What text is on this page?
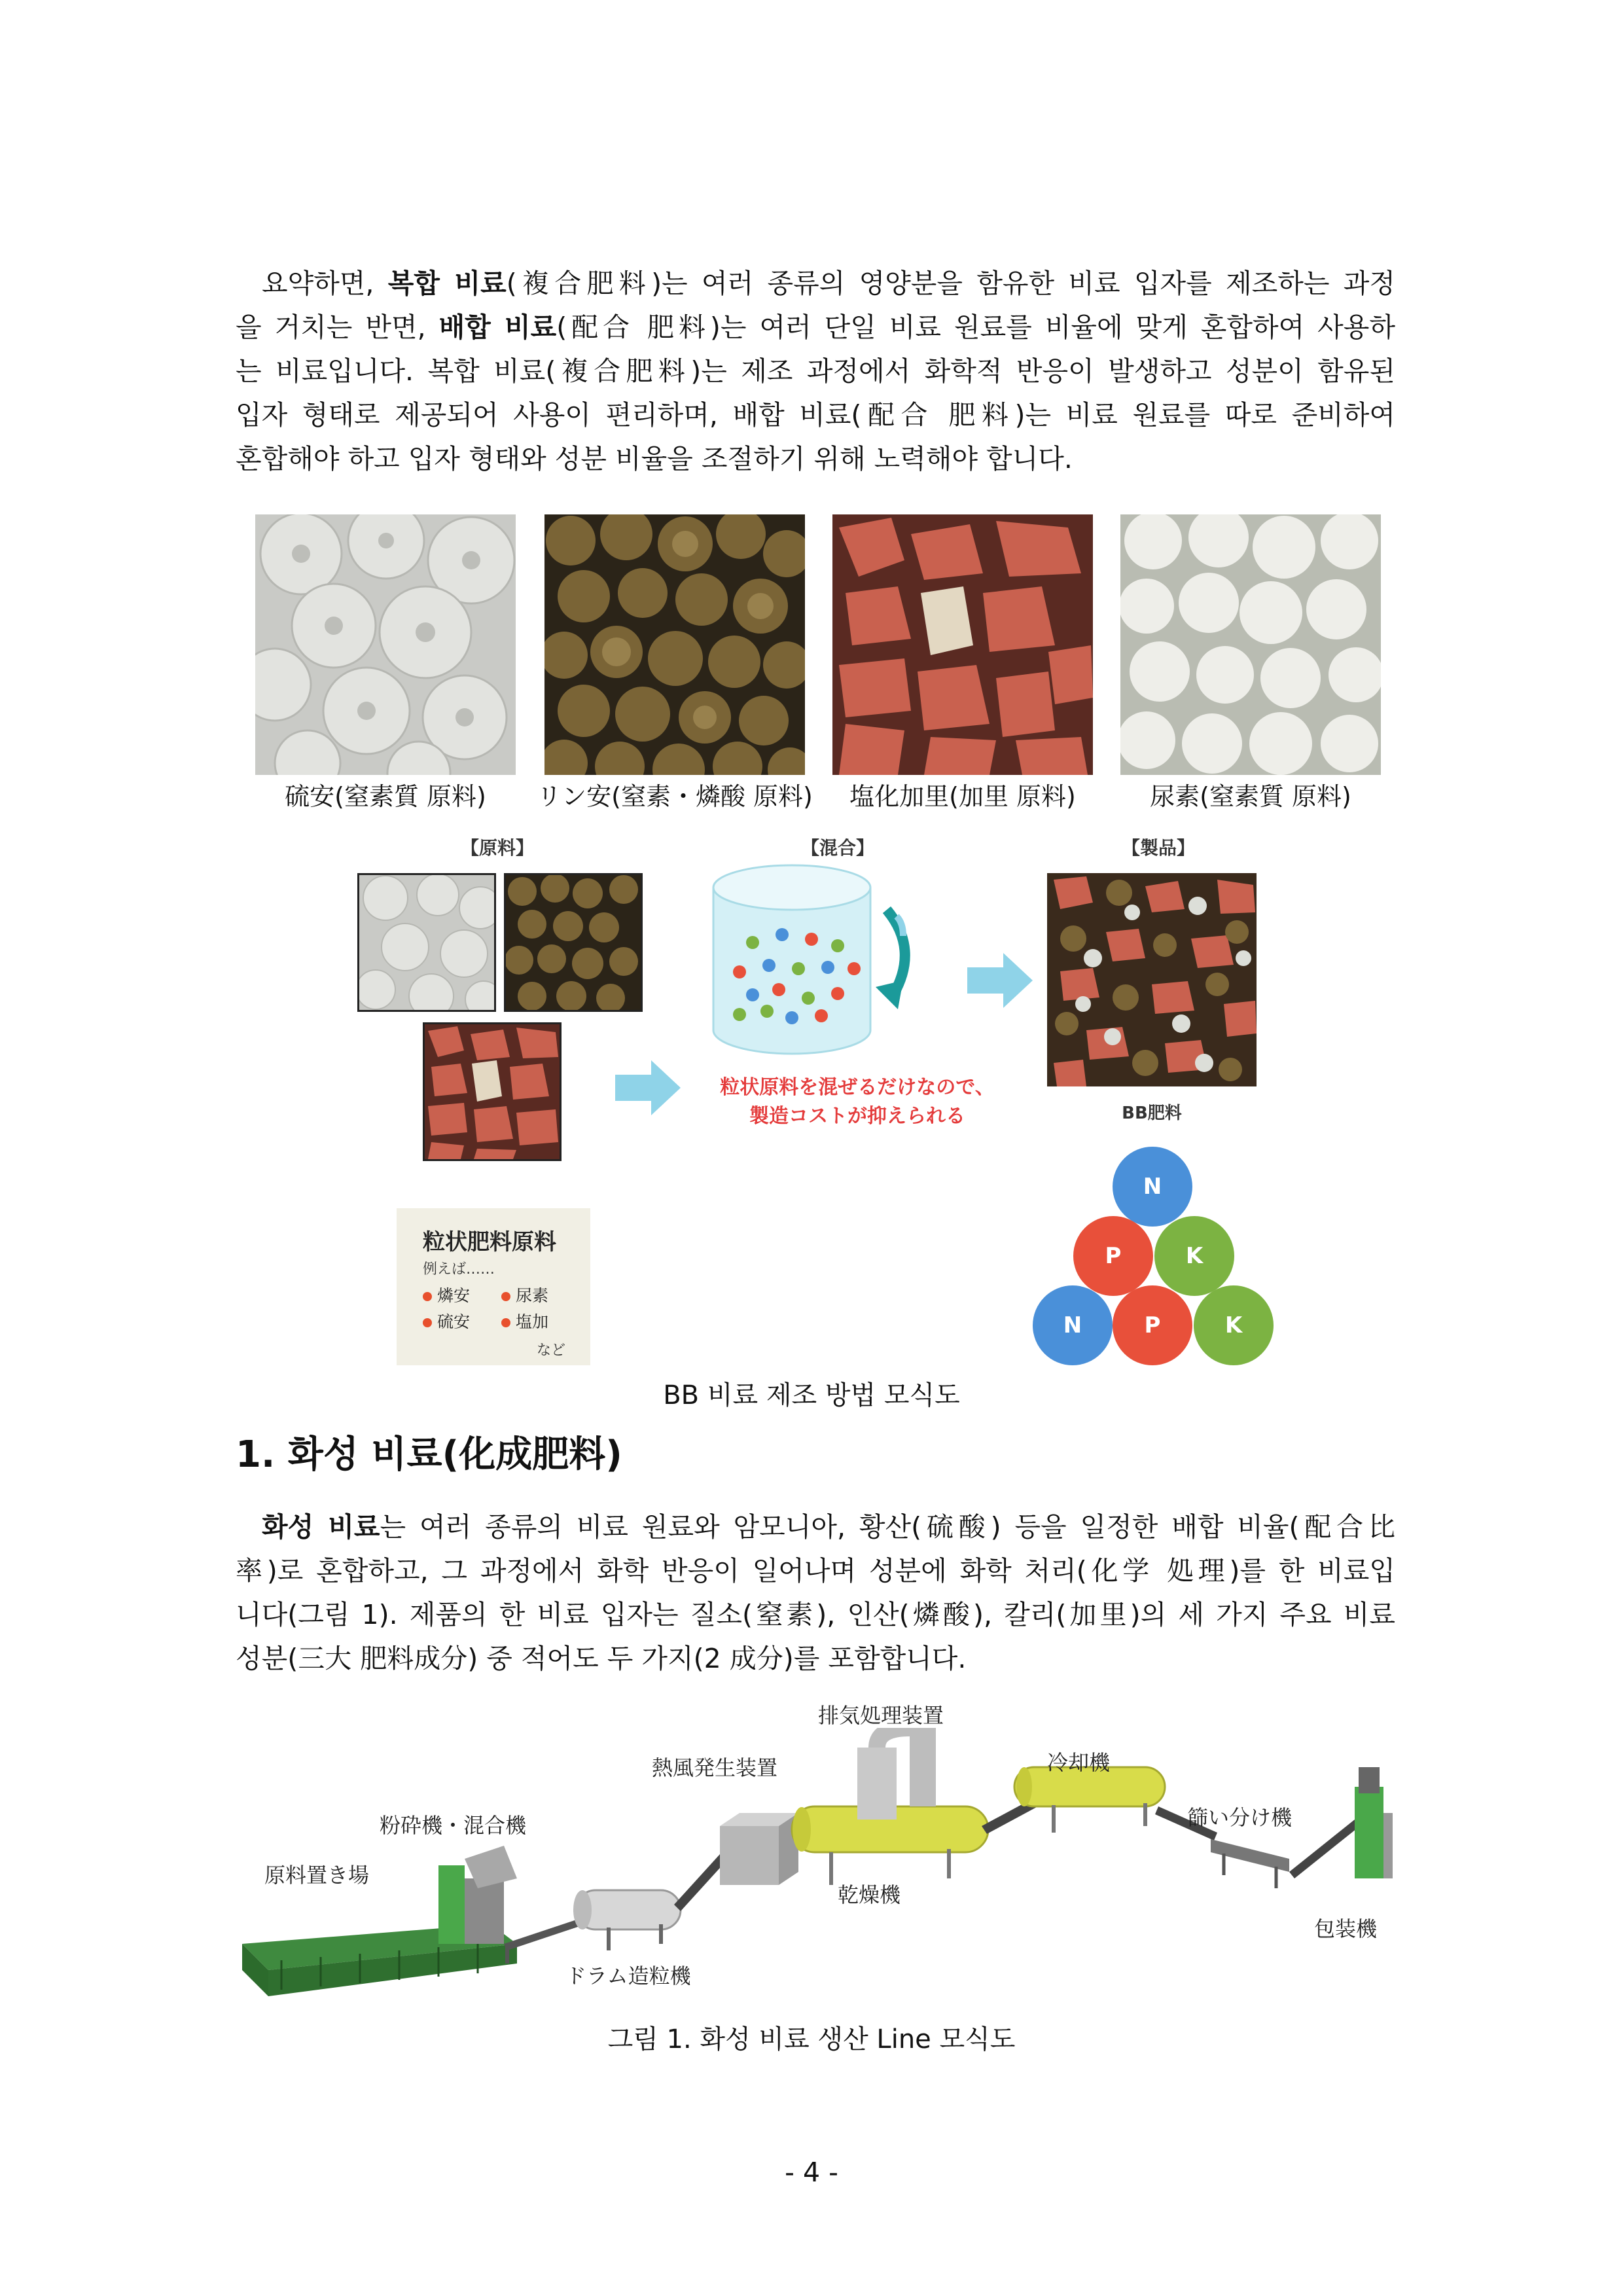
요약하면, 복합 비료(複合肥料)는 여러 종류의 영양분을 함유한 비료 입자를 제조하는 과정
을 거치는 반면, 배합 비료(配合 肥料)는 여러 단일 비료 원료를 비율에 맞게 혼합하여 사용하
는 비료입니다. 복합 비료(複合肥料)는 제조 과정에서 화학적 반응이 발생하고 성분이 함유된
입자 형태로 제공되어 사용이 편리하며, 배합 비료(配合 肥料)는 비료 원료를 따로 준비하여
혼합해야 하고 입자 형태와 성분 비율을 조절하기 위해 노력해야 합니다.
硫安(窒素質 原料)	リン安(窒素・燐酸 原料)	塩化加里(加里 原料)	尿素(窒素質 原料)
【原料】	【混合】	【製品】
粒状原料を混ぜるだけなので、
製造コストが抑えられる	BB肥料
粒状肥料原料
例えば……
燐安	尿素
硫安	塩加
など
N
P	K
N	P	K
BB 비료 제조 방법 모식도
1. 화성 비료(化成肥料)
화성 비료는 여러 종류의 비료 원료와 암모니아, 황산(硫酸) 등을 일정한 배합 비율(配合比
率)로 혼합하고, 그 과정에서 화학 반응이 일어나며 성분에 화학 처리(化学 処理)를 한 비료입
니다(그림 1). 제품의 한 비료 입자는 질소(窒素), 인산(燐酸), 칼리(加里)의 세 가지 주요 비료
성분(三大 肥料成分) 중 적어도 두 가지(2 成分)를 포함합니다.
排気処理装置
熱風発生装置	冷却機
粉砕機・混合機	篩い分け機
原料置き場
乾燥機
包装機
ドラム造粒機
그림 1. 화성 비료 생산 Line 모식도
- 4 -
